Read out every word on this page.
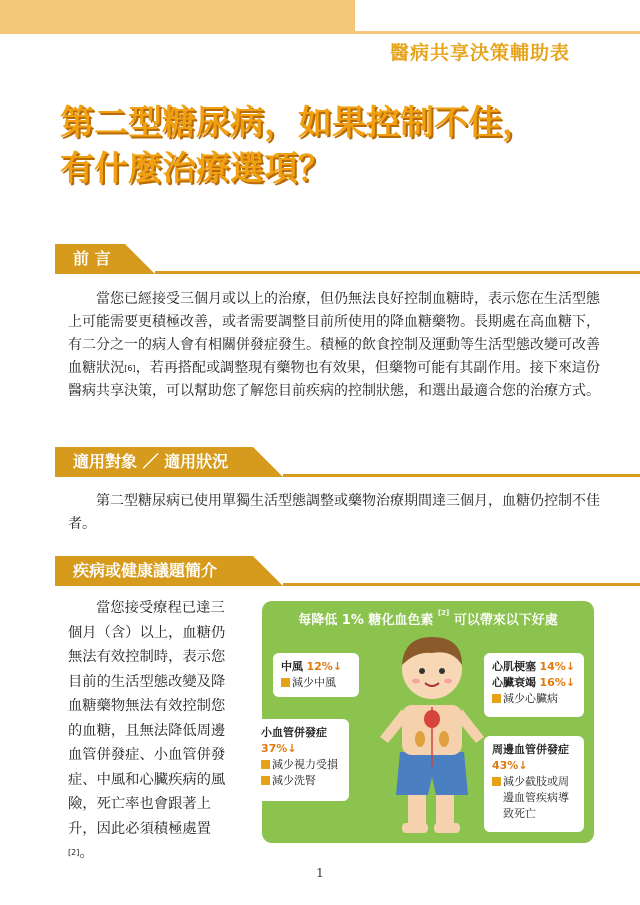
醫病共享決策輔助表
第二型糖尿病，如果控制不佳，
有什麼治療選項？
前 言
當您已經接受三個月或以上的治療，但仍無法良好控制血糖時，表示您在生活型態上可能需要更積極改善，或者需要調整目前所使用的降血糖藥物。長期處在高血糖下，有二分之一的病人會有相關併發症發生。積極的飲食控制及運動等生活型態改變可改善血糖狀況[6]，若再搭配或調整現有藥物也有效果，但藥物可能有其副作用。接下來這份醫病共享決策，可以幫助您了解您目前疾病的控制狀態，和選出最適合您的治療方式。
適用對象 ／ 適用狀況
第二型糖尿病已使用單獨生活型態調整或藥物治療期間達三個月，血糖仍控制不佳者。
疾病或健康議題簡介
當您接受療程已達三個月（含）以上，血糖仍無法有效控制時，表示您目前的生活型態改變及降血糖藥物無法有效控制您的血糖，且無法降低周邊血管併發症、小血管併發症、中風和心臟疾病的風險，死亡率也會跟著上升，因此必須積極處置[2]。
每降低 1% 糖化血色素 [2] 可以帶來以下好處
中風 12%↓
減少中風
心肌梗塞 14%↓
心臟衰竭 16%↓
減少心臟病
小血管併發症
37%↓
減少視力受損
減少洗腎
周邊血管併發症
43%↓
減少截肢或周邊血管疾病導致死亡
1
